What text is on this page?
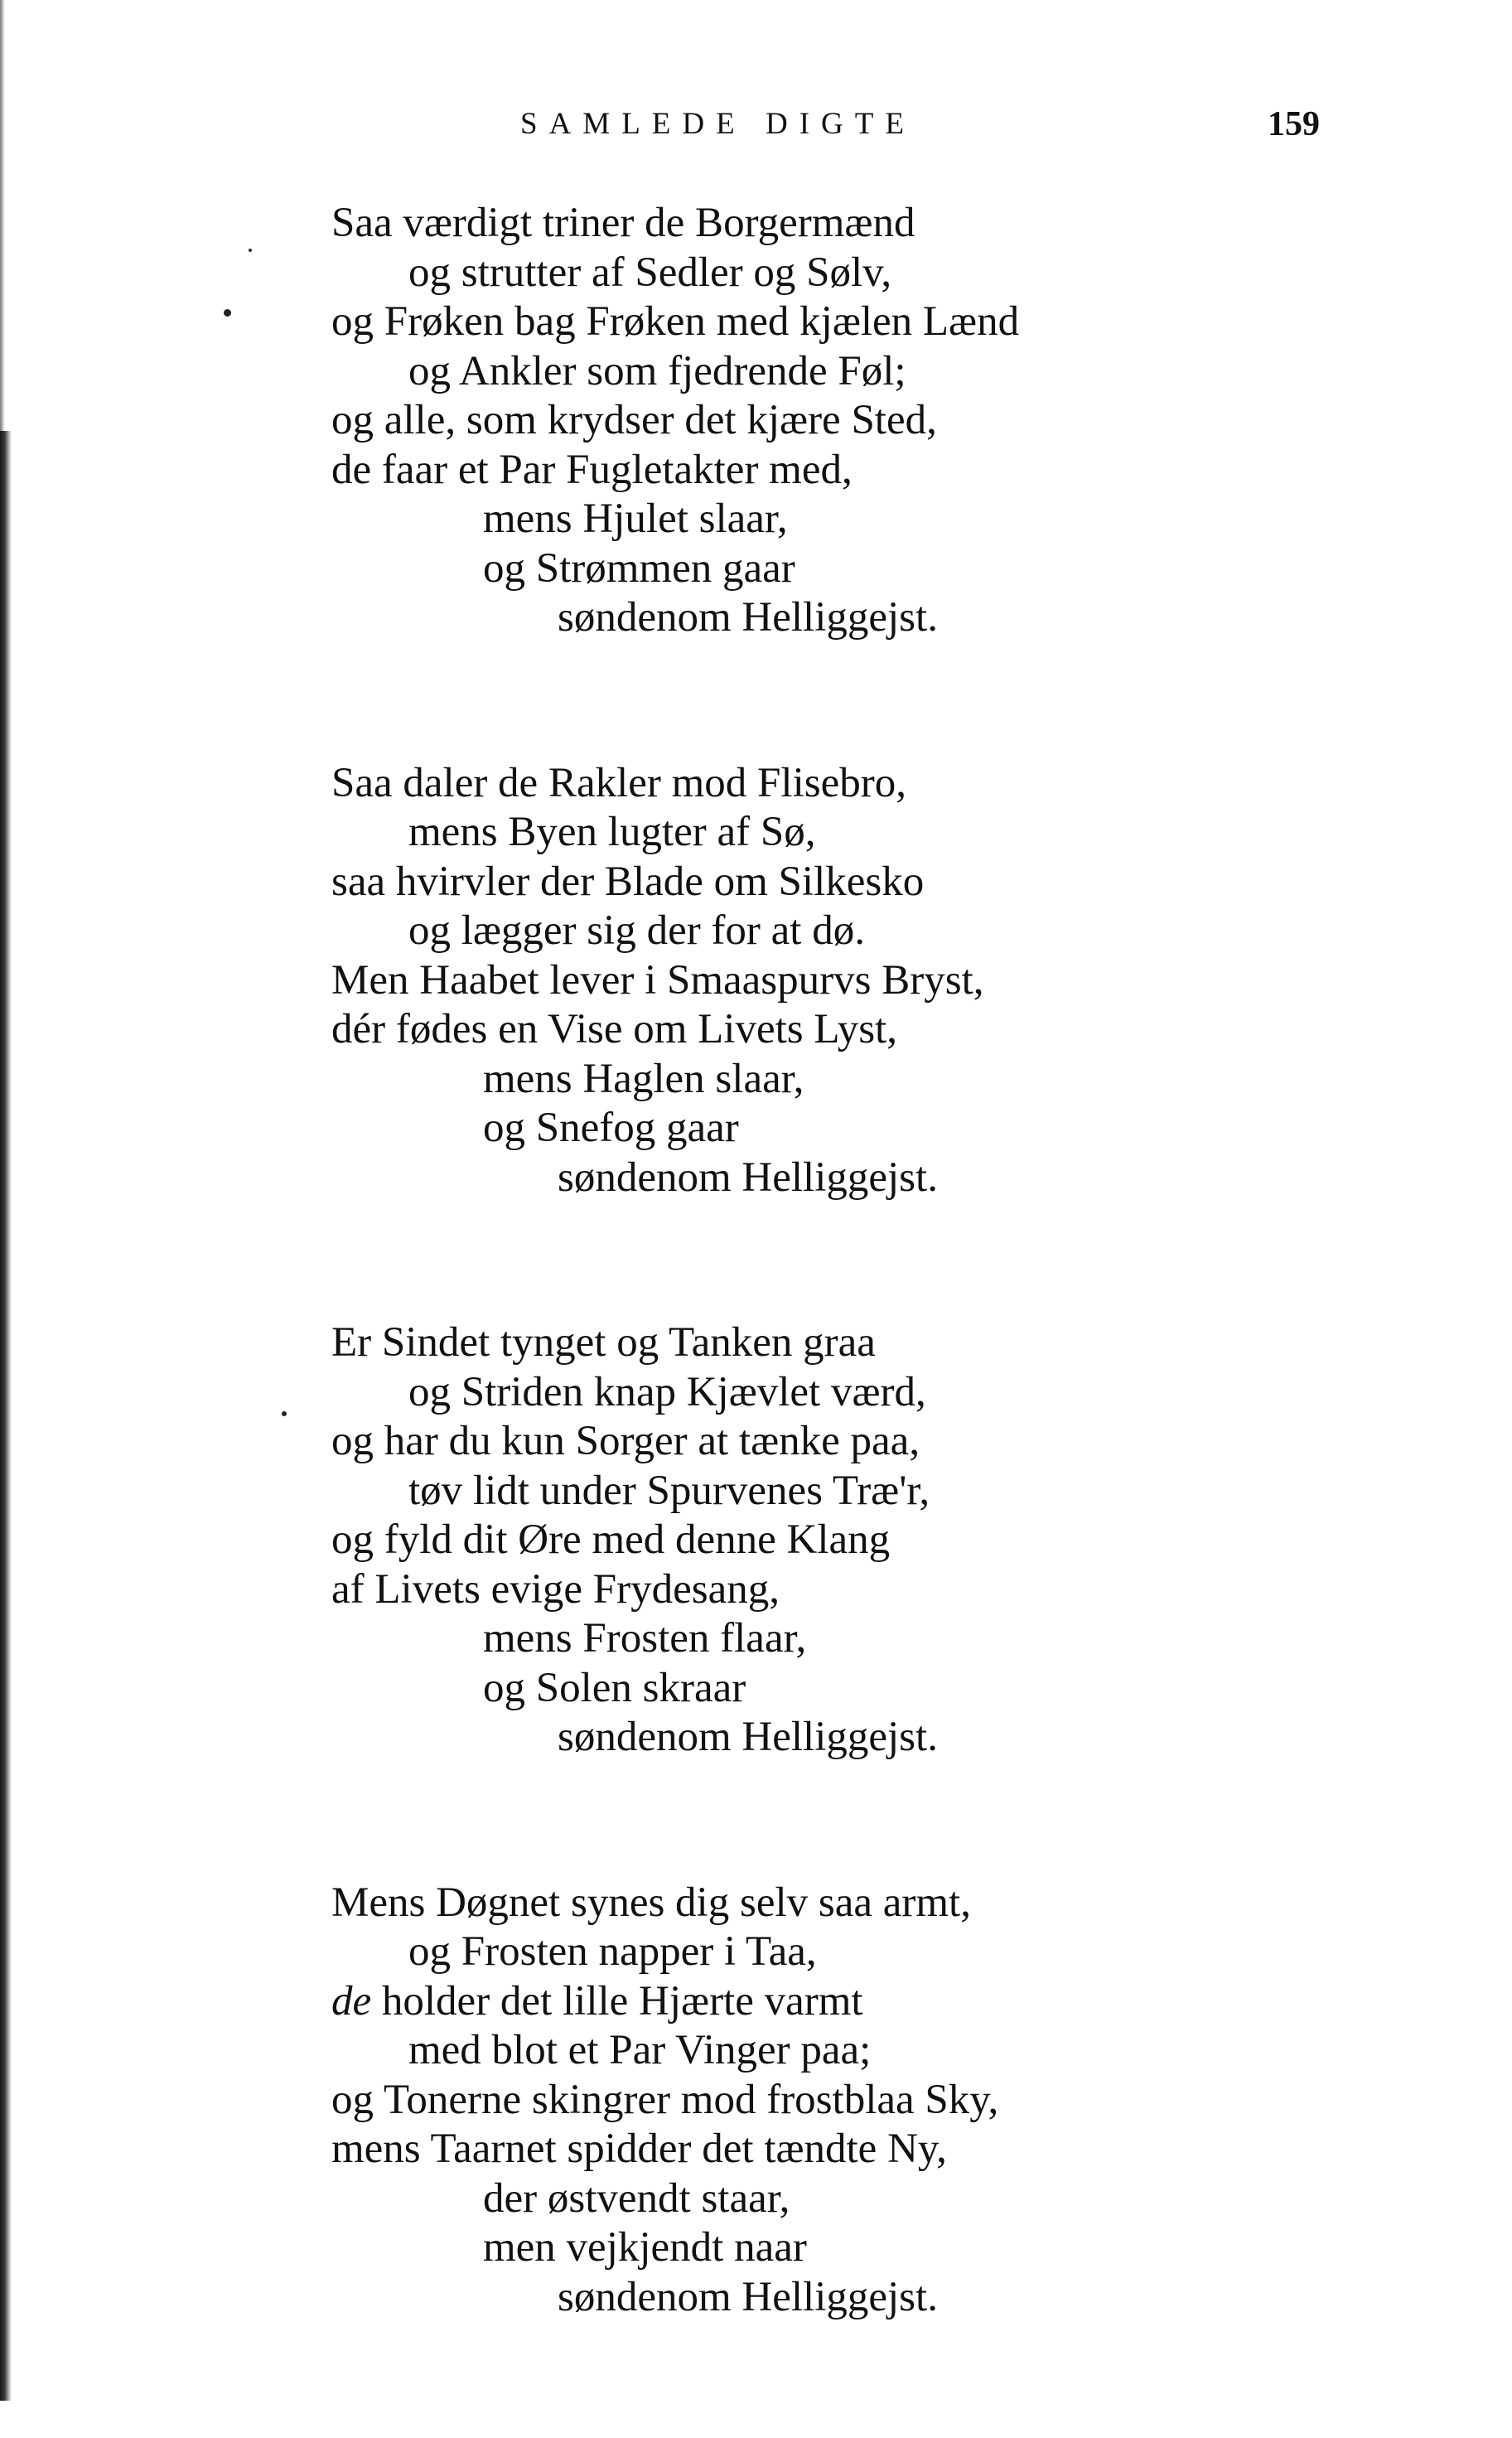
SAMLEDE DIGTE	159
Saa værdigt triner de Borgermænd
og strutter af Sedler og Sølv,
og Frøken bag Frøken med kjælen Lænd
og Ankler som fjedrende Føl;
og alle, som krydser det kjære Sted,
de faar et Par Fugletakter med,
mens Hjulet slaar,
og Strømmen gaar
søndenom Helliggejst.
Saa daler de Rakler mod Flisebro,
mens Byen lugter af Sø,
saa hvirvler der Blade om Silkesko
og lægger sig der for at dø.
Men Haabet lever i Smaaspurvs Bryst,
dér fødes en Vise om Livets Lyst,
mens Haglen slaar,
og Snefog gaar
søndenom Helliggejst.
Er Sindet tynget og Tanken graa
og Striden knap Kjævlet værd,
og har du kun Sorger at tænke paa,
tøv lidt under Spurvenes Træ'r,
og fyld dit Øre med denne Klang
af Livets evige Frydesang,
mens Frosten flaar,
og Solen skraar
søndenom Helliggejst.
Mens Døgnet synes dig selv saa armt,
og Frosten napper i Taa,
de holder det lille Hjærte varmt
med blot et Par Vinger paa;
og Tonerne skingrer mod frostblaa Sky,
mens Taarnet spidder det tændte Ny,
der østvendt staar,
men vejkjendt naar
søndenom Helliggejst.
